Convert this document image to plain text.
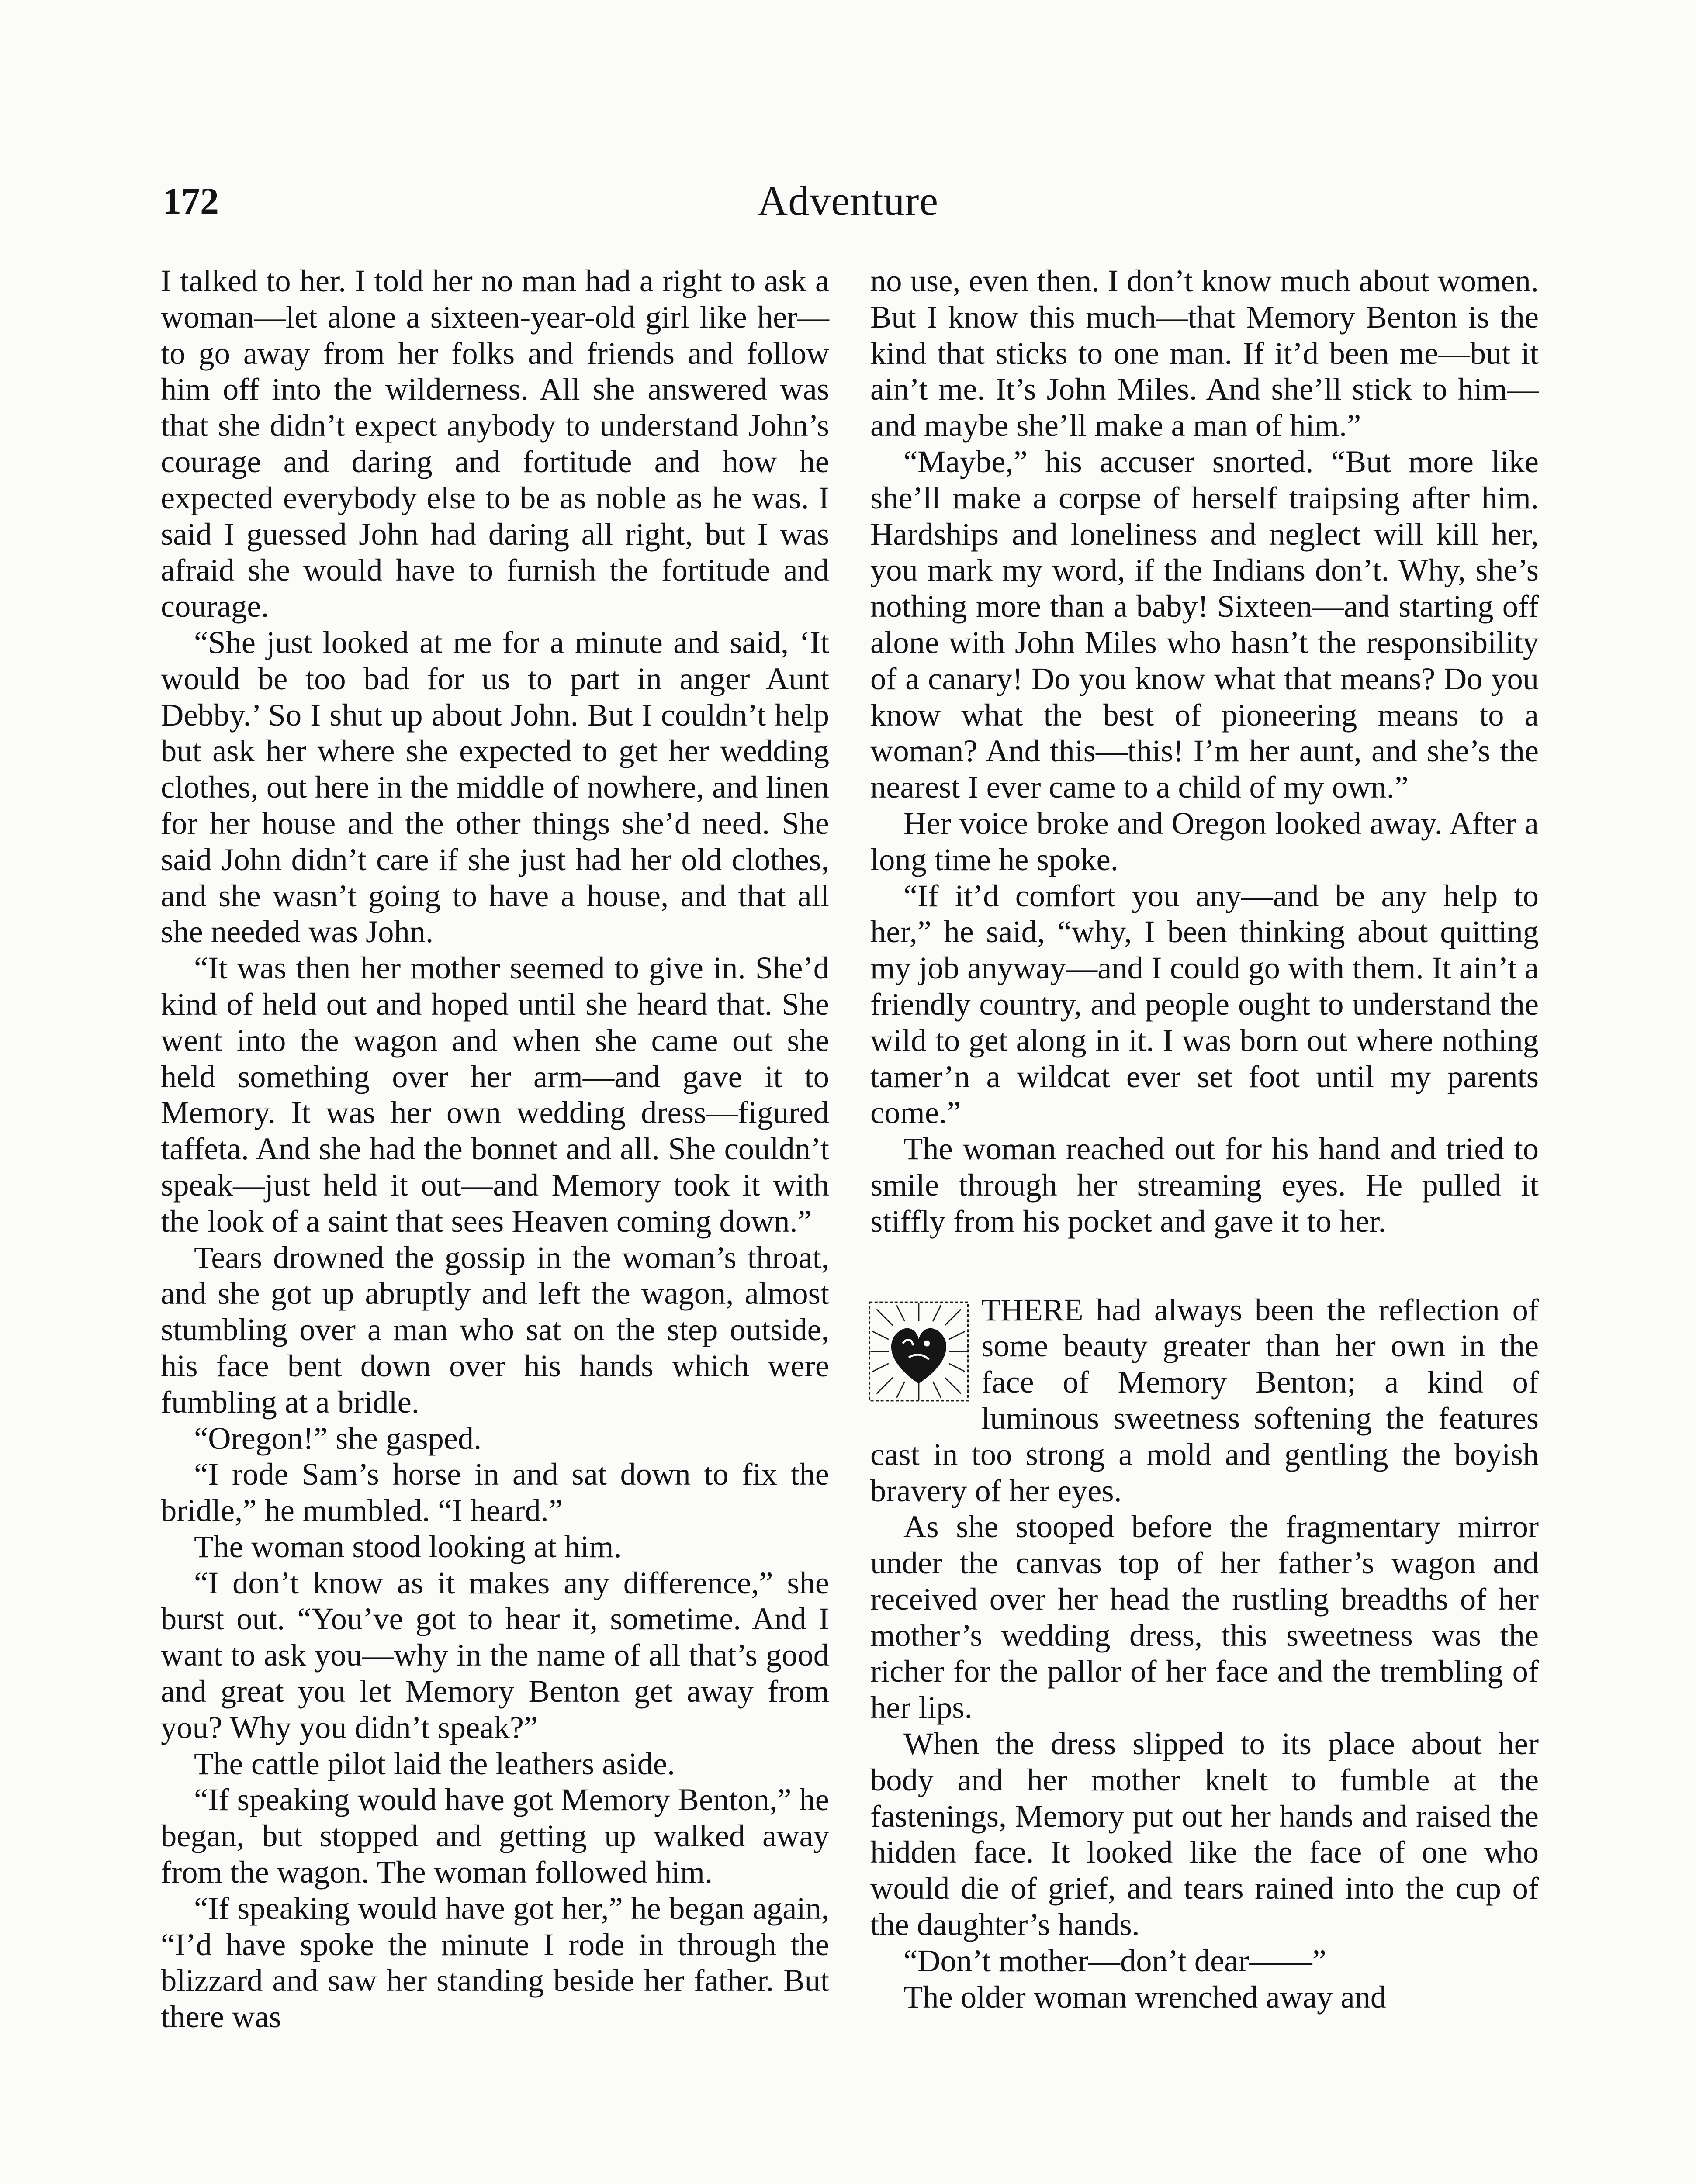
172	Adventure

I talked to her. I told her no man had a right to ask a woman—let alone a sixteen-year-old girl like her—to go away from her folks and friends and follow him off into the wilderness. All she answered was that she didn’t expect anybody to understand John’s courage and daring and fortitude and how he expected everybody else to be as noble as he was. I said I guessed John had daring all right, but I was afraid she would have to furnish the fortitude and courage.

“She just looked at me for a minute and said, ‘It would be too bad for us to part in anger Aunt Debby.’ So I shut up about John. But I couldn’t help but ask her where she expected to get her wedding clothes, out here in the middle of nowhere, and linen for her house and the other things she’d need. She said John didn’t care if she just had her old clothes, and she wasn’t going to have a house, and that all she needed was John.

“It was then her mother seemed to give in. She’d kind of held out and hoped until she heard that. She went into the wagon and when she came out she held something over her arm—and gave it to Memory. It was her own wedding dress—figured taffeta. And she had the bonnet and all. She couldn’t speak—just held it out—and Memory took it with the look of a saint that sees Heaven coming down.”

Tears drowned the gossip in the woman’s throat, and she got up abruptly and left the wagon, almost stumbling over a man who sat on the step outside, his face bent down over his hands which were fumbling at a bridle.

“Oregon!” she gasped.

“I rode Sam’s horse in and sat down to fix the bridle,” he mumbled. “I heard.”

The woman stood looking at him.

“I don’t know as it makes any difference,” she burst out. “You’ve got to hear it, sometime. And I want to ask you—why in the name of all that’s good and great you let Memory Benton get away from you? Why you didn’t speak?”

The cattle pilot laid the leathers aside.

“If speaking would have got Memory Benton,” he began, but stopped and getting up walked away from the wagon. The woman followed him.

“If speaking would have got her,” he began again, “I’d have spoke the minute I rode in through the blizzard and saw her standing beside her father. But there was

no use, even then. I don’t know much about women. But I know this much—that Memory Benton is the kind that sticks to one man. If it’d been me—but it ain’t me. It’s John Miles. And she’ll stick to him—and maybe she’ll make a man of him.”

“Maybe,” his accuser snorted. “But more like she’ll make a corpse of herself traipsing after him. Hardships and loneliness and neglect will kill her, you mark my word, if the Indians don’t. Why, she’s nothing more than a baby! Sixteen—and starting off alone with John Miles who hasn’t the responsibility of a canary! Do you know what that means? Do you know what the best of pioneering means to a woman? And this—this! I’m her aunt, and she’s the nearest I ever came to a child of my own.”

Her voice broke and Oregon looked away. After a long time he spoke.

“If it’d comfort you any—and be any help to her,” he said, “why, I been thinking about quitting my job anyway—and I could go with them. It ain’t a friendly country, and people ought to understand the wild to get along in it. I was born out where nothing tamer’n a wildcat ever set foot until my parents come.”

The woman reached out for his hand and tried to smile through her streaming eyes. He pulled it stiffly from his pocket and gave it to her.

THERE had always been the reflection of some beauty greater than her own in the face of Memory Benton; a kind of luminous sweetness softening the features cast in too strong a mold and gentling the boyish bravery of her eyes.

As she stooped before the fragmentary mirror under the canvas top of her father’s wagon and received over her head the rustling breadths of her mother’s wedding dress, this sweetness was the richer for the pallor of her face and the trembling of her lips.

When the dress slipped to its place about her body and her mother knelt to fumble at the fastenings, Memory put out her hands and raised the hidden face. It looked like the face of one who would die of grief, and tears rained into the cup of the daughter’s hands.

“Don’t mother—don’t dear——”

The older woman wrenched away and
